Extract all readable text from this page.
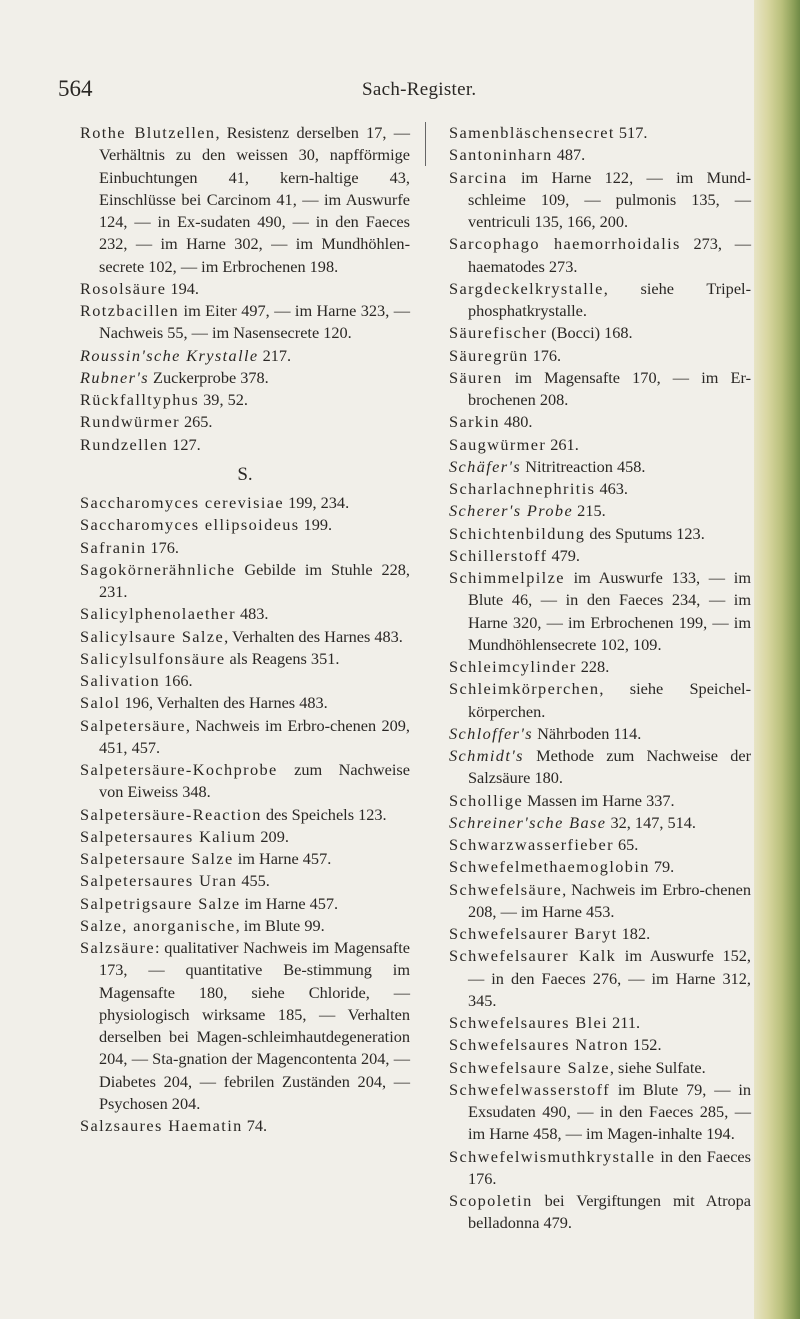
564	Sach-Register.

Rothe Blutzellen, Resistenz derselben 17, — Verhältnis zu den weissen 30, napfförmige Einbuchtungen 41, kern-haltige 43, Einschlüsse bei Carcinom 41, — im Auswurfe 124, — in Ex-sudaten 490, — in den Faeces 232, — im Harne 302, — im Mundhöhlen-secrete 102, — im Erbrochenen 198.

Rosolsäure 194.

Rotzbacillen im Eiter 497, — im Harne 323, — Nachweis 55, — im Nasensecrete 120.

Roussin'sche Krystalle 217.

Rubner's Zuckerprobe 378.

Rückfalltyphus 39, 52.

Rundwürmer 265.

Rundzellen 127.

S.

Saccharomyces cerevisiae 199, 234.

Saccharomyces ellipsoideus 199.

Safranin 176.

Sagokörnerähnliche Gebilde im Stuhle 228, 231.

Salicylphenolaether 483.

Salicylsaure Salze, Verhalten des Harnes 483.

Salicylsulfonsäure als Reagens 351.

Salivation 166.

Salol 196, Verhalten des Harnes 483.

Salpetersäure, Nachweis im Erbro-chenen 209, 451, 457.

Salpetersäure-Kochprobe zum Nachweise von Eiweiss 348.

Salpetersäure-Reaction des Speichels 123.

Salpetersaures Kalium 209.

Salpetersaure Salze im Harne 457.

Salpetersaures Uran 455.

Salpetrigsaure Salze im Harne 457.

Salze, anorganische, im Blute 99.

Salzsäure: qualitativer Nachweis im Magensafte 173, — quantitative Be-stimmung im Magensafte 180, siehe Chloride, — physiologisch wirksame 185, — Verhalten derselben bei Magen-schleimhautdegeneration 204, — Sta-gnation der Magencontenta 204, — Diabetes 204, — febrilen Zuständen 204, — Psychosen 204.

Salzsaures Haematin 74.

Samenbläschensecret 517.

Santoninharn 487.

Sarcina im Harne 122, — im Mund-schleime 109, — pulmonis 135, — ventriculi 135, 166, 200.

Sarcophago haemorrhoidalis 273, — haematodes 273.

Sargdeckelkrystalle, siehe Tripel-phosphatkrystalle.

Säurefischer (Bocci) 168.

Säuregrün 176.

Säuren im Magensafte 170, — im Er-brochenen 208.

Sarkin 480.

Saugwürmer 261.

Schäfer's Nitritreaction 458.

Scharlachnephritis 463.

Scherer's Probe 215.

Schichtenbildung des Sputums 123.

Schillerstoff 479.

Schimmelpilze im Auswurfe 133, — im Blute 46, — in den Faeces 234, — im Harne 320, — im Erbrochenen 199, — im Mundhöhlensecrete 102, 109.

Schleimcylinder 228.

Schleimkörperchen, siehe Speichel-körperchen.

Schloffer's Nährboden 114.

Schmidt's Methode zum Nachweise der Salzsäure 180.

Schollige Massen im Harne 337.

Schreiner'sche Base 32, 147, 514.

Schwarzwasserfieber 65.

Schwefelmethaemoglobin 79.

Schwefelsäure, Nachweis im Erbro-chenen 208, — im Harne 453.

Schwefelsaurer Baryt 182.

Schwefelsaurer Kalk im Auswurfe 152, — in den Faeces 276, — im Harne 312, 345.

Schwefelsaures Blei 211.

Schwefelsaures Natron 152.

Schwefelsaure Salze, siehe Sulfate.

Schwefelwasserstoff im Blute 79, — in Exsudaten 490, — in den Faeces 285, — im Harne 458, — im Magen-inhalte 194.

Schwefelwismuthkrystalle in den Faeces 176.

Scopoletin bei Vergiftungen mit Atropa belladonna 479.
